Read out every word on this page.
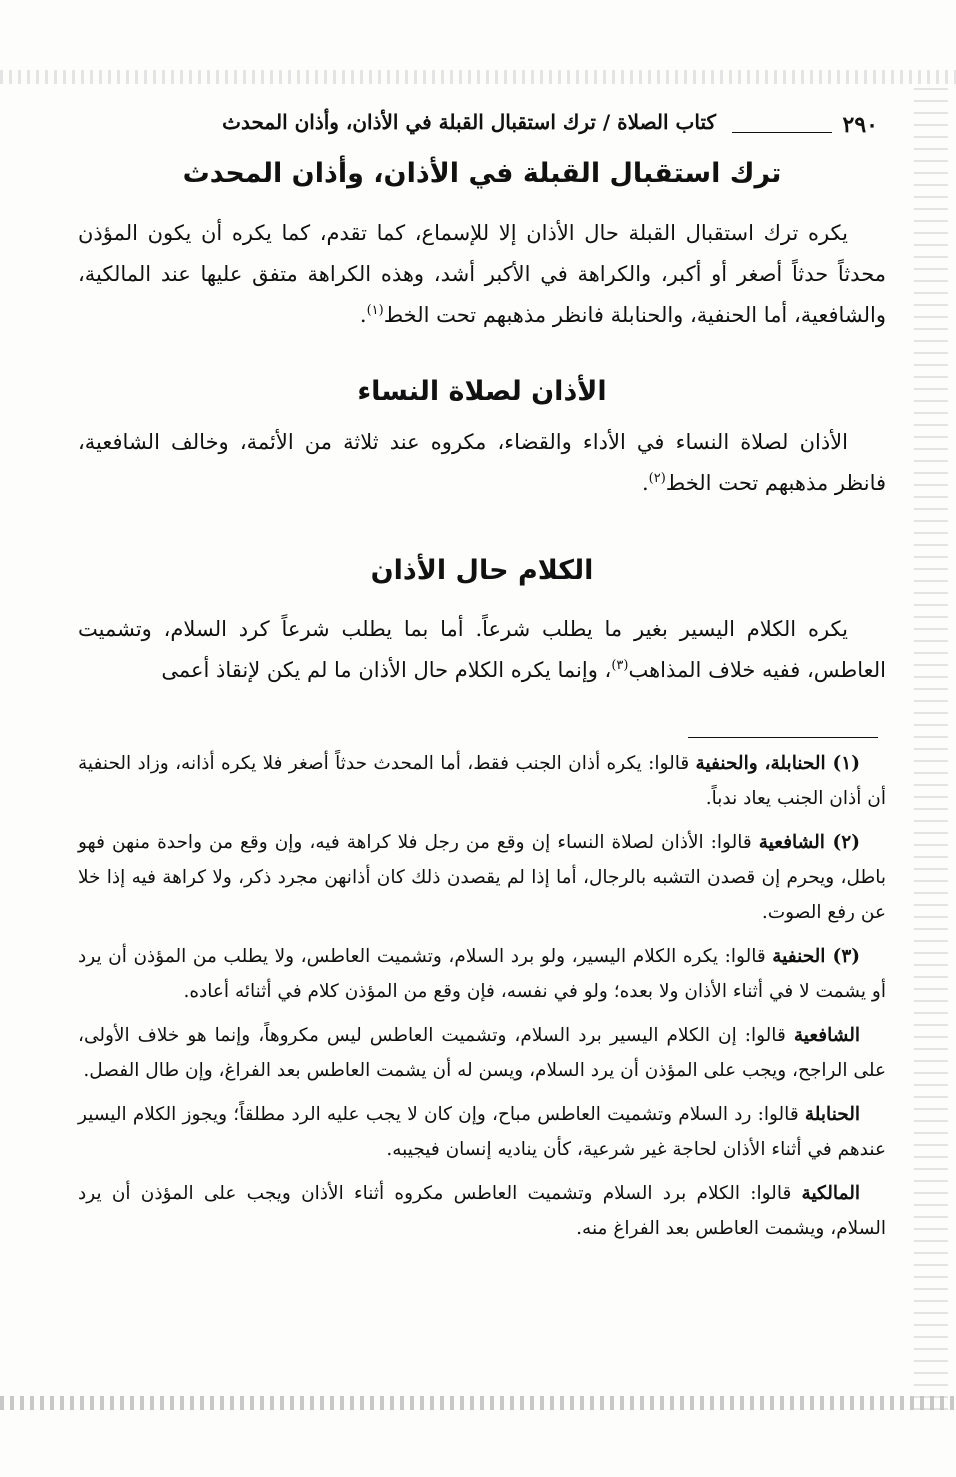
٢٩٠
كتاب الصلاة / ترك استقبال القبلة في الأذان، وأذان المحدث
ترك استقبال القبلة في الأذان، وأذان المحدث

يكره ترك استقبال القبلة حال الأذان إلا للإسماع، كما تقدم، كما يكره أن يكون المؤذن محدثاً حدثاً أصغر أو أكبر، والكراهة في الأكبر أشد، وهذه الكراهة متفق عليها عند المالكية، والشافعية، أما الحنفية، والحنابلة فانظر مذهبهم تحت الخط$^{(١)}$.

الأذان لصلاة النساء

الأذان لصلاة النساء في الأداء والقضاء، مكروه عند ثلاثة من الأئمة، وخالف الشافعية، فانظر مذهبهم تحت الخط$^{(٢)}$.

الكلام حال الأذان

يكره الكلام اليسير بغير ما يطلب شرعاً. أما بما يطلب شرعاً كرد السلام، وتشميت العاطس، ففيه خلاف المذاهب$^{(٣)}$، وإنما يكره الكلام حال الأذان ما لم يكن لإنقاذ أعمى

(١) الحنابلة، والحنفية قالوا: يكره أذان الجنب فقط، أما المحدث حدثاً أصغر فلا يكره أذانه، وزاد الحنفية أن أذان الجنب يعاد ندباً.

(٢) الشافعية قالوا: الأذان لصلاة النساء إن وقع من رجل فلا كراهة فيه، وإن وقع من واحدة منهن فهو باطل، ويحرم إن قصدن التشبه بالرجال، أما إذا لم يقصدن ذلك كان أذانهن مجرد ذكر، ولا كراهة فيه إذا خلا عن رفع الصوت.

(٣) الحنفية قالوا: يكره الكلام اليسير، ولو برد السلام، وتشميت العاطس، ولا يطلب من المؤذن أن يرد أو يشمت لا في أثناء الأذان ولا بعده؛ ولو في نفسه، فإن وقع من المؤذن كلام في أثنائه أعاده.

الشافعية قالوا: إن الكلام اليسير برد السلام، وتشميت العاطس ليس مكروهاً، وإنما هو خلاف الأولى، على الراجح، ويجب على المؤذن أن يرد السلام، ويسن له أن يشمت العاطس بعد الفراغ، وإن طال الفصل.

الحنابلة قالوا: رد السلام وتشميت العاطس مباح، وإن كان لا يجب عليه الرد مطلقاً؛ ويجوز الكلام اليسير عندهم في أثناء الأذان لحاجة غير شرعية، كأن يناديه إنسان فيجيبه.

المالكية قالوا: الكلام برد السلام وتشميت العاطس مكروه أثناء الأذان ويجب على المؤذن أن يرد السلام، ويشمت العاطس بعد الفراغ منه.
